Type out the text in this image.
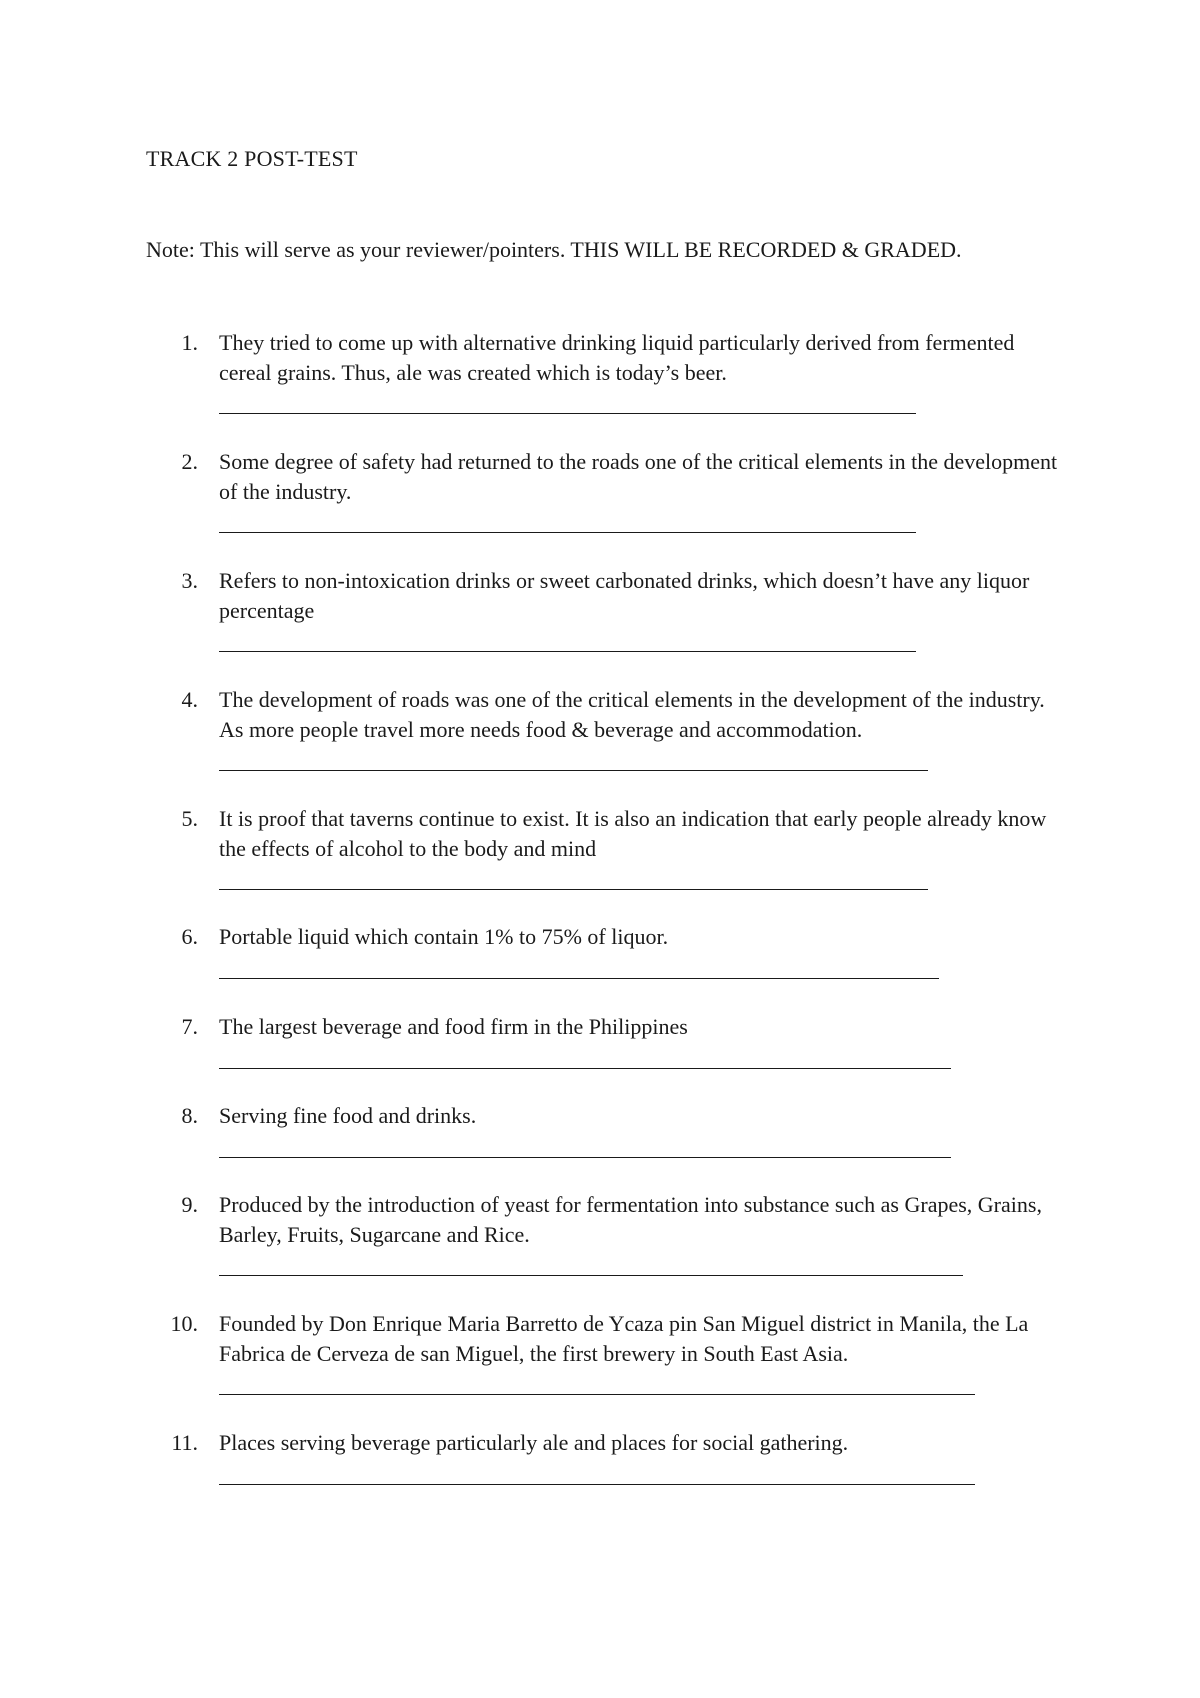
TRACK 2 POST-TEST
Note: This will serve as your reviewer/pointers. THIS WILL BE RECORDED & GRADED.
1. They tried to come up with alternative drinking liquid particularly derived from fermented cereal grains. Thus, ale was created which is today’s beer.
2. Some degree of safety had returned to the roads one of the critical elements in the development of the industry.
3. Refers to non-intoxication drinks or sweet carbonated drinks, which doesn’t have any liquor percentage
4. The development of roads was one of the critical elements in the development of the industry. As more people travel more needs food & beverage and accommodation.
5. It is proof that taverns continue to exist. It is also an indication that early people already know the effects of alcohol to the body and mind
6. Portable liquid which contain 1% to 75% of liquor.
7. The largest beverage and food firm in the Philippines
8. Serving fine food and drinks.
9. Produced by the introduction of yeast for fermentation into substance such as Grapes, Grains, Barley, Fruits, Sugarcane and Rice.
10. Founded by Don Enrique Maria Barretto de Ycaza pin San Miguel district in Manila, the La Fabrica de Cerveza de san Miguel, the first brewery in South East Asia.
11. Places serving beverage particularly ale and places for social gathering.
